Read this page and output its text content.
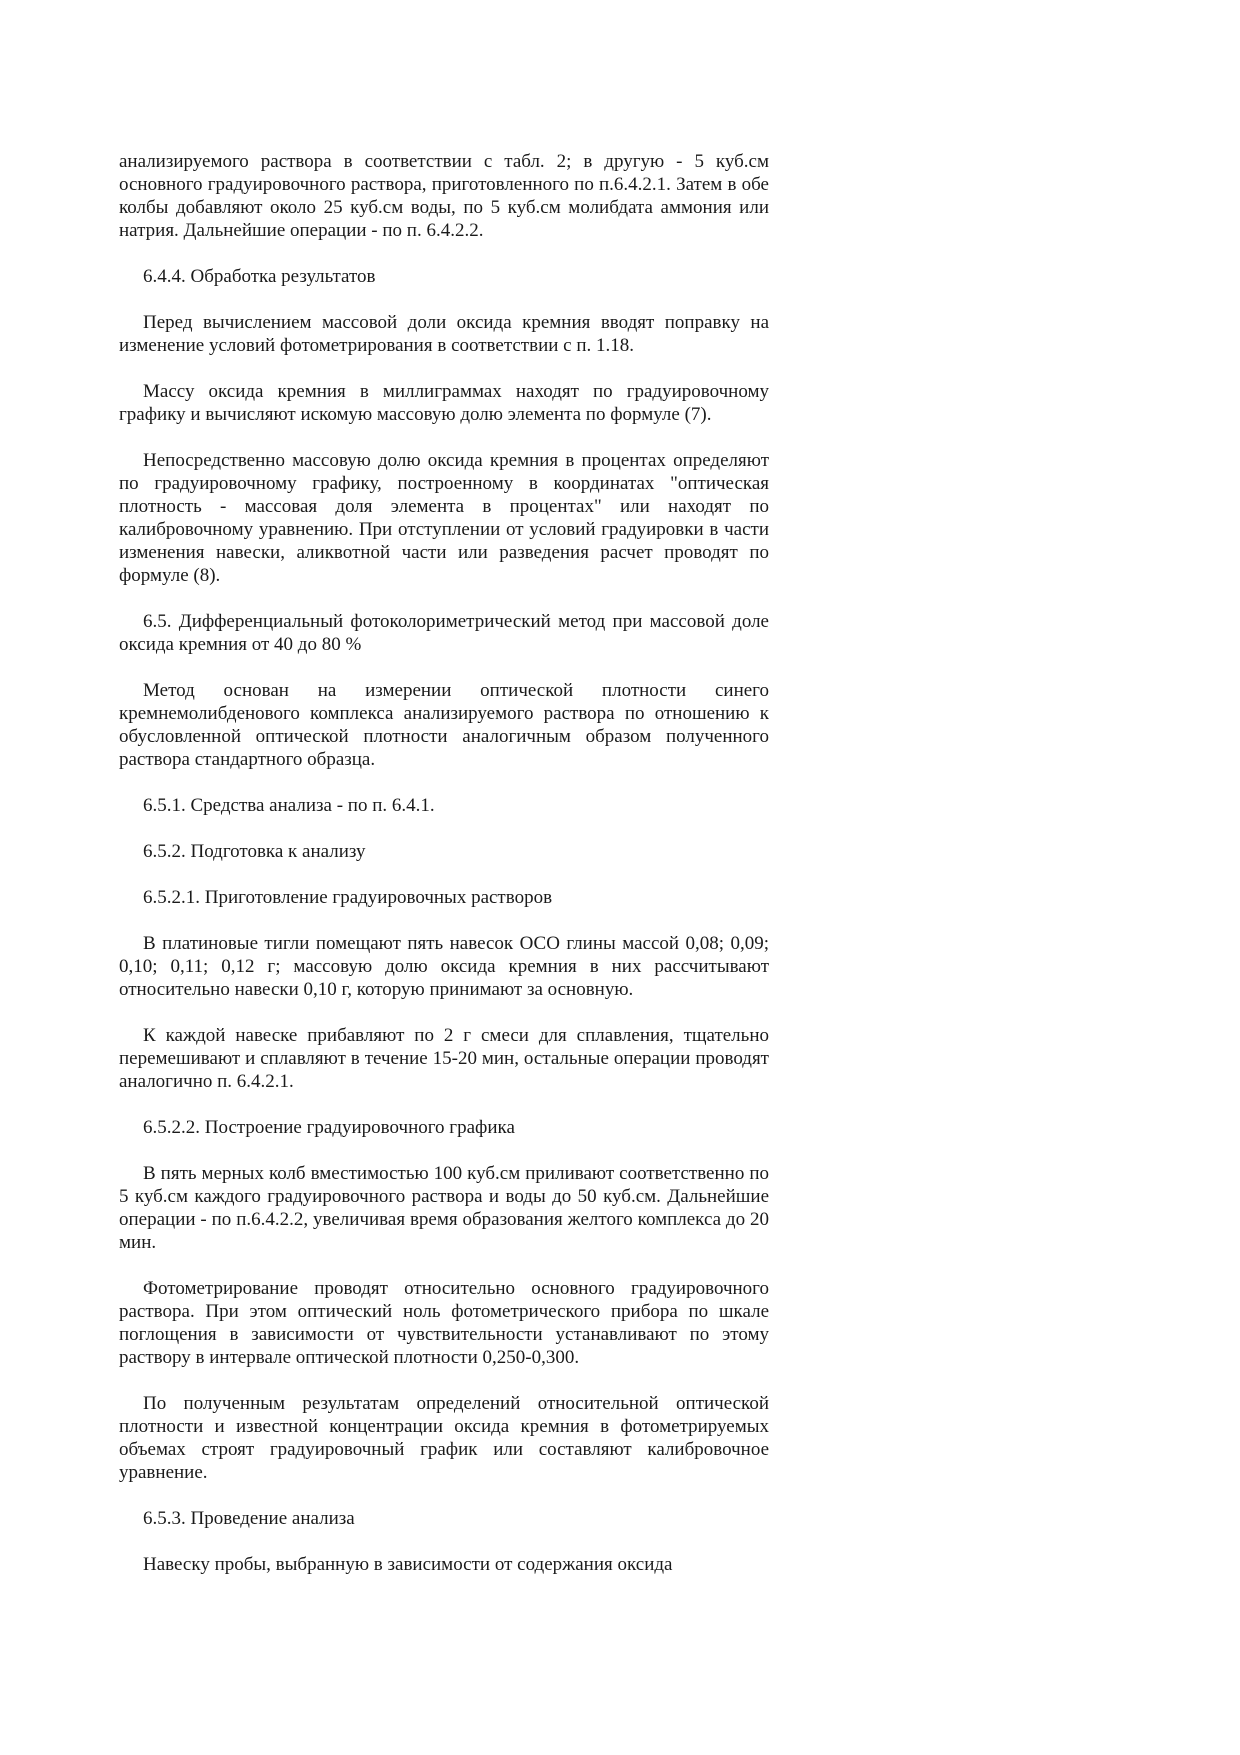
анализируемого раствора в соответствии с табл. 2; в другую - 5 куб.см основного градуировочного раствора, приготовленного по п.6.4.2.1. Затем в обе колбы добавляют около 25 куб.см воды, по 5 куб.см молибдата аммония или натрия. Дальнейшие операции - по п. 6.4.2.2.

6.4.4. Обработка результатов

Перед вычислением массовой доли оксида кремния вводят поправку на изменение условий фотометрирования в соответствии с п. 1.18.

Массу оксида кремния в миллиграммах находят по градуировочному графику и вычисляют искомую массовую долю элемента по формуле (7).

Непосредственно массовую долю оксида кремния в процентах определяют по градуировочному графику, построенному в координатах "оптическая плотность - массовая доля элемента в процентах" или находят по калибровочному уравнению. При отступлении от условий градуировки в части изменения навески, аликвотной части или разведения расчет проводят по формуле (8).

6.5. Дифференциальный фотоколориметрический метод при массовой доле оксида кремния от 40 до 80 %

Метод основан на измерении оптической плотности синего кремнемолибденового комплекса анализируемого раствора по отношению к обусловленной оптической плотности аналогичным образом полученного раствора стандартного образца.

6.5.1. Средства анализа - по п. 6.4.1.

6.5.2. Подготовка к анализу

6.5.2.1. Приготовление градуировочных растворов

В платиновые тигли помещают пять навесок ОСО глины массой 0,08; 0,09; 0,10; 0,11; 0,12 г; массовую долю оксида кремния в них рассчитывают относительно навески 0,10 г, которую принимают за основную.

К каждой навеске прибавляют по 2 г смеси для сплавления, тщательно перемешивают и сплавляют в течение 15-20 мин, остальные операции проводят аналогично п. 6.4.2.1.

6.5.2.2. Построение градуировочного графика

В пять мерных колб вместимостью 100 куб.см приливают соответственно по 5 куб.см каждого градуировочного раствора и воды до 50 куб.см. Дальнейшие операции - по п.6.4.2.2, увеличивая время образования желтого комплекса до 20 мин.

Фотометрирование проводят относительно основного градуировочного раствора. При этом оптический ноль фотометрического прибора по шкале поглощения в зависимости от чувствительности устанавливают по этому раствору в интервале оптической плотности 0,250-0,300.

По полученным результатам определений относительной оптической плотности и известной концентрации оксида кремния в фотометрируемых объемах строят градуировочный график или составляют калибровочное уравнение.

6.5.3. Проведение анализа

Навеску пробы, выбранную в зависимости от содержания оксида
